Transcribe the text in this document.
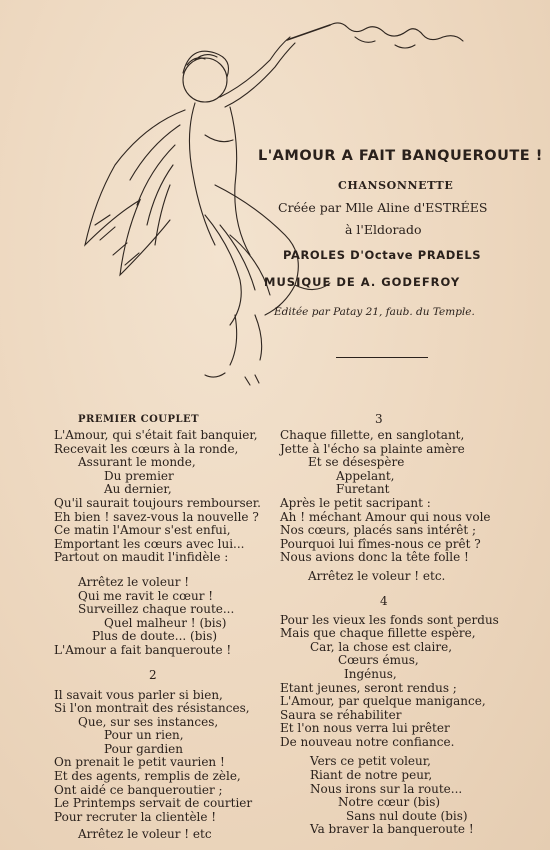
L'AMOUR A FAIT BANQUEROUTE !
CHANSONNETTE
Créée par Mlle Aline d'ESTRÉES
à l'Eldorado
PAROLES D'Octave PRADELS
MUSIQUE DE A. GODEFROY
Éditée par Patay 21, faub. du Temple.
PREMIER COUPLET
L'Amour, qui s'était fait banquier,
Recevait les cœurs à la ronde,
Assurant le monde,
Du premier
Au dernier,
Qu'il saurait toujours rembourser.
Eh bien ! savez-vous la nouvelle ?
Ce matin l'Amour s'est enfui,
Emportant les cœurs avec lui...
Partout on maudit l'infidèle :
Arrêtez le voleur !
Qui me ravit le cœur !
Surveillez chaque route...
Quel malheur ! (bis)
Plus de doute... (bis)
L'Amour a fait banqueroute !
2
Il savait vous parler si bien,
Si l'on montrait des résistances,
Que, sur ses instances,
Pour un rien,
Pour gardien
On prenait le petit vaurien !
Et des agents, remplis de zèle,
Ont aidé ce banqueroutier ;
Le Printemps servait de courtier
Pour recruter la clientèle !
Arrêtez le voleur ! etc
3
Chaque fillette, en sanglotant,
Jette à l'écho sa plainte amère
Et se désespère
Appelant,
Furetant
Après le petit sacripant :
Ah ! méchant Amour qui nous vole
Nos cœurs, placés sans intérêt ;
Pourquoi lui fîmes-nous ce prêt ?
Nous avions donc la tête folle !
Arrêtez le voleur ! etc.
4
Pour les vieux les fonds sont perdus
Mais que chaque fillette espère,
Car, la chose est claire,
Cœurs émus,
Ingénus,
Etant jeunes, seront rendus ;
L'Amour, par quelque manigance,
Saura se réhabiliter
Et l'on nous verra lui prêter
De nouveau notre confiance.
Vers ce petit voleur,
Riant de notre peur,
Nous irons sur la route...
Notre cœur (bis)
Sans nul doute (bis)
Va braver la banqueroute !
